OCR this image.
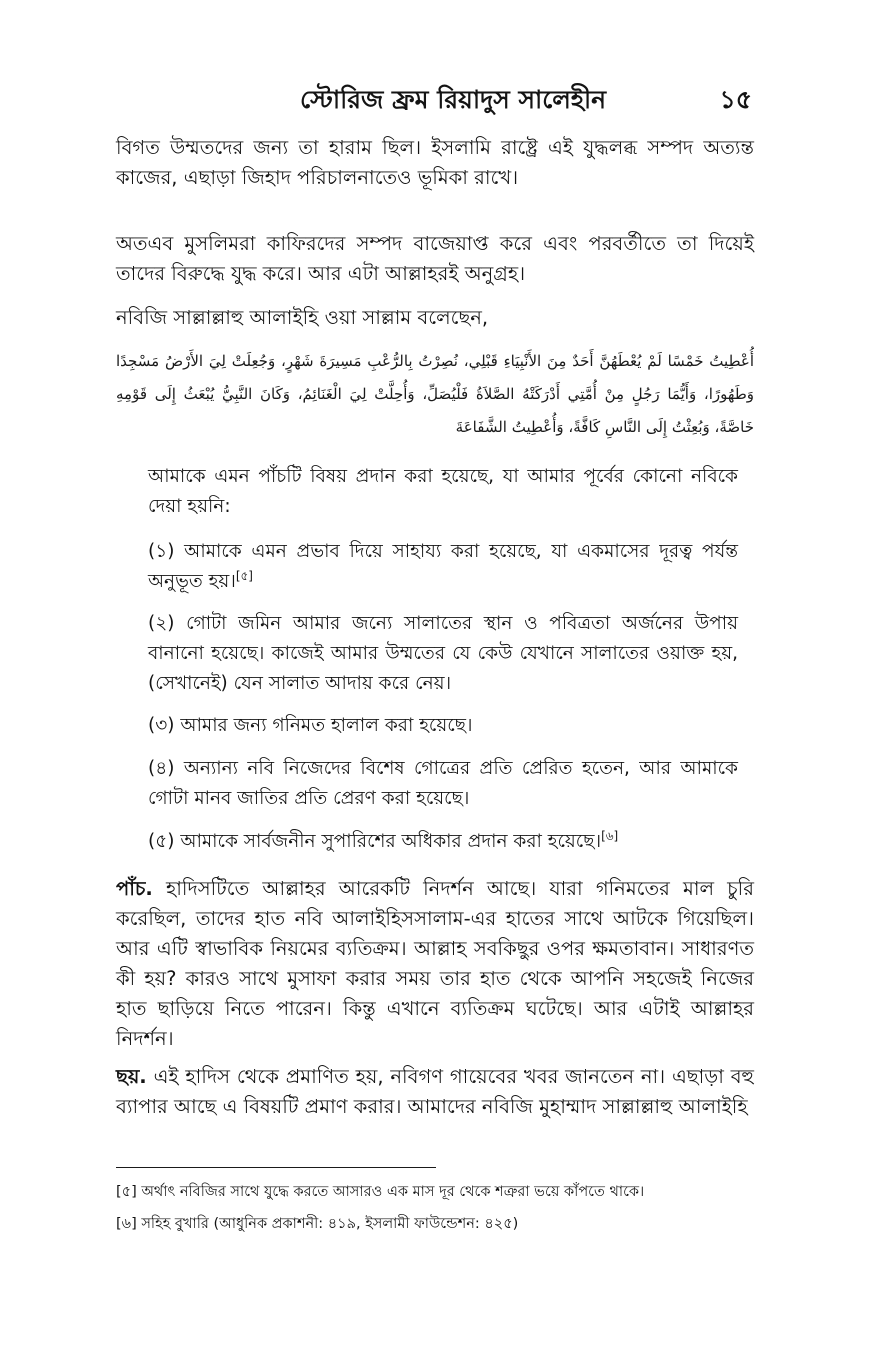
স্টোরিজ ফ্রম রিয়াদুস সালেহীন	১৫

বিগত উম্মতদের জন্য তা হারাম ছিল। ইসলামি রাষ্ট্রে এই যুদ্ধলব্ধ সম্পদ অত্যন্ত কাজের, এছাড়া জিহাদ পরিচালনাতেও ভূমিকা রাখে।

অতএব মুসলিমরা কাফিরদের সম্পদ বাজেয়াপ্ত করে এবং পরবর্তীতে তা দিয়েই তাদের বিরুদ্ধে যুদ্ধ করে। আর এটা আল্লাহরই অনুগ্রহ।

নবিজি সাল্লাল্লাহু আলাইহি ওয়া সাল্লাম বলেছেন,

أُعْطِيتُ خَمْسًا لَمْ يُعْطَهُنَّ أَحَدٌ مِنَ الأَنْبِيَاءِ قَبْلِي، نُصِرْتُ بِالرُّعْبِ مَسِيرَةَ شَهْرٍ، وَجُعِلَتْ لِيَ الأَرْضُ مَسْجِدًا وَطَهُورًا، وَأَيُّمَا رَجُلٍ مِنْ أُمَّتِي أَدْرَكَتْهُ الصَّلاَةُ فَلْيُصَلِّ، وَأُحِلَّتْ لِيَ الْغَنَائِمُ، وَكَانَ النَّبِيُّ يُبْعَثُ إِلَى قَوْمِهِ خَاصَّةً، وَبُعِثْتُ إِلَى النَّاسِ كَافَّةً، وَأُعْطِيتُ الشَّفَاعَةَ

আমাকে এমন পাঁচটি বিষয় প্রদান করা হয়েছে, যা আমার পূর্বের কোনো নবিকে দেয়া হয়নি:

(১) আমাকে এমন প্রভাব দিয়ে সাহায্য করা হয়েছে, যা একমাসের দূরত্ব পর্যন্ত অনুভূত হয়।[৫]

(২) গোটা জমিন আমার জন্যে সালাতের স্থান ও পবিত্রতা অর্জনের উপায় বানানো হয়েছে। কাজেই আমার উম্মতের যে কেউ যেখানে সালাতের ওয়াক্ত হয়, (সেখানেই) যেন সালাত আদায় করে নেয়।

(৩) আমার জন্য গনিমত হালাল করা হয়েছে।

(৪) অন্যান্য নবি নিজেদের বিশেষ গোত্রের প্রতি প্রেরিত হতেন, আর আমাকে গোটা মানব জাতির প্রতি প্রেরণ করা হয়েছে।

(৫) আমাকে সার্বজনীন সুপারিশের অধিকার প্রদান করা হয়েছে।[৬]

পাঁচ. হাদিসটিতে আল্লাহর আরেকটি নিদর্শন আছে। যারা গনিমতের মাল চুরি করেছিল, তাদের হাত নবি আলাইহিসসালাম-এর হাতের সাথে আটকে গিয়েছিল। আর এটি স্বাভাবিক নিয়মের ব্যতিক্রম। আল্লাহ সবকিছুর ওপর ক্ষমতাবান। সাধারণত কী হয়? কারও সাথে মুসাফা করার সময় তার হাত থেকে আপনি সহজেই নিজের হাত ছাড়িয়ে নিতে পারেন। কিন্তু এখানে ব্যতিক্রম ঘটেছে। আর এটাই আল্লাহর নিদর্শন।

ছয়. এই হাদিস থেকে প্রমাণিত হয়, নবিগণ গায়েবের খবর জানতেন না। এছাড়া বহু ব্যাপার আছে এ বিষয়টি প্রমাণ করার। আমাদের নবিজি মুহাম্মাদ সাল্লাল্লাহু আলাইহি

[৫] অর্থাৎ নবিজির সাথে যুদ্ধে করতে আসারও এক মাস দূর থেকে শত্রুরা ভয়ে কাঁপতে থাকে।

[৬] সহিহ বুখারি (আধুনিক প্রকাশনী: ৪১৯, ইসলামী ফাউন্ডেশন: ৪২৫)
